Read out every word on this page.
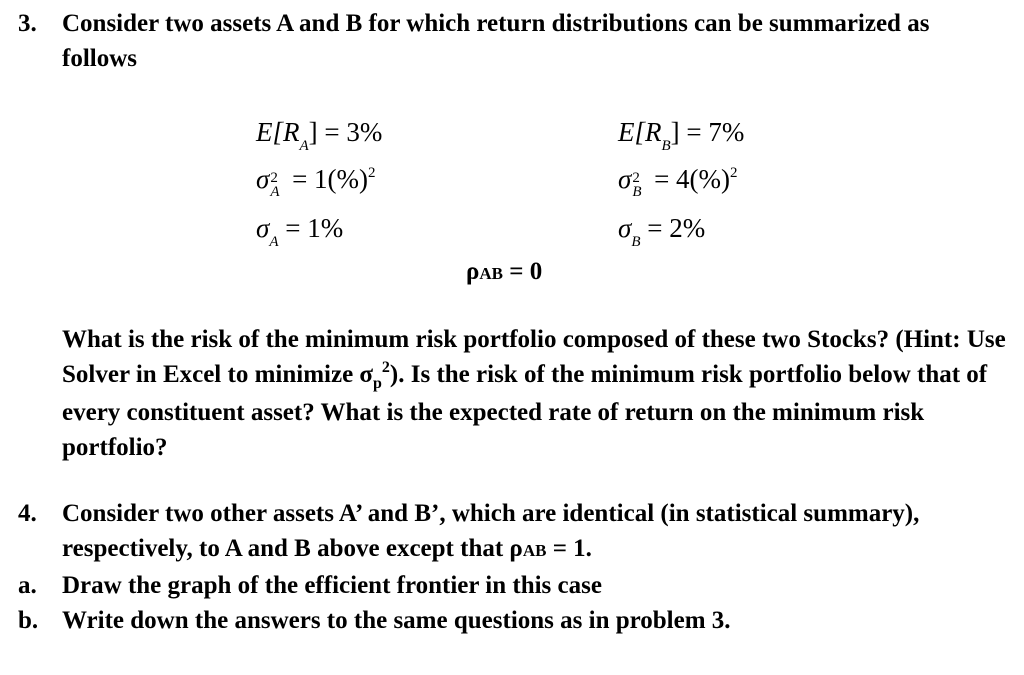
3. Consider two assets A and B for which return distributions can be summarized as follows
$E[R_A] = 3\%$
σ 2
A = 1(%)$^2$
$\sigma_A = 1\%$
$E[R_B] = 7\%$
σ 2
B = 4(%)$^2$
$\sigma_B = 2\%$
ρAB = 0
What is the risk of the minimum risk portfolio composed of these two Stocks? (Hint: Use Solver in Excel to minimize $\sigma_p^2$). Is the risk of the minimum risk portfolio below that of every constituent asset? What is the expected rate of return on the minimum risk portfolio?
4. Consider two other assets A’ and B’, which are identical (in statistical summary), respectively, to A and B above except that ρAB = 1.
a. Draw the graph of the efficient frontier in this case
b. Write down the answers to the same questions as in problem 3.
